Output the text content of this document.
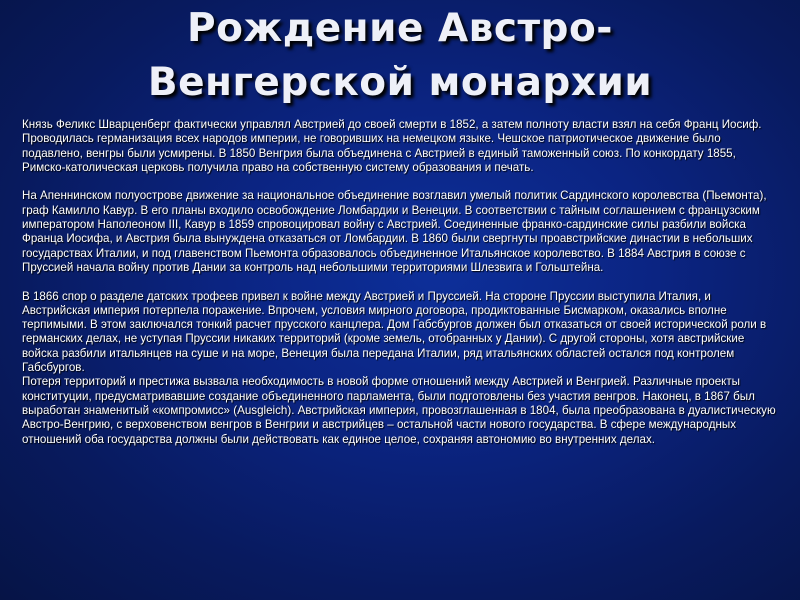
Рождение Австро-
Венгерской монархии

Князь Феликс Шварценберг фактически управлял Австрией до своей смерти в 1852, а затем полноту власти взял на себя Франц Иосиф. Проводилась германизация всех народов империи, не говоривших на немецком языке. Чешское патриотическое движение было подавлено, венгры были усмирены. В 1850 Венгрия была объединена с Австрией в единый таможенный союз. По конкордату 1855, Римско-католическая церковь получила право на собственную систему образования и печать.

На Апеннинском полуострове движение за национальное объединение возглавил умелый политик Сардинского королевства (Пьемонта), граф Камилло Кавур. В его планы входило освобождение Ломбардии и Венеции. В соответствии с тайным соглашением с французским императором Наполеоном III, Кавур в 1859 спровоцировал войну с Австрией. Соединенные франко-сардинские силы разбили войска Франца Иосифа, и Австрия была вынуждена отказаться от Ломбардии. В 1860 были свергнуты проавстрийские династии в небольших государствах Италии, и под главенством Пьемонта образовалось объединенное Итальянское королевство. В 1884 Австрия в союзе с Пруссией начала войну против Дании за контроль над небольшими территориями Шлезвига и Гольштейна.

В 1866 спор о разделе датских трофеев привел к войне между Австрией и Пруссией. На стороне Пруссии выступила Италия, и Австрийская империя потерпела поражение. Впрочем, условия мирного договора, продиктованные Бисмарком, оказались вполне терпимыми. В этом заключался тонкий расчет прусского канцлера. Дом Габсбургов должен был отказаться от своей исторической роли в германских делах, не уступая Пруссии никаких территорий (кроме земель, отобранных у Дании). С другой стороны, хотя австрийские войска разбили итальянцев на суше и на море, Венеция была передана Италии, ряд итальянских областей остался под контролем Габсбургов.

Потеря территорий и престижа вызвала необходимость в новой форме отношений между Австрией и Венгрией. Различные проекты конституции, предусматривавшие создание объединенного парламента, были подготовлены без участия венгров. Наконец, в 1867 был выработан знаменитый «компромисс» (Ausgleich). Австрийская империя, провозглашенная в 1804, была преобразована в дуалистическую Австро-Венгрию, с верховенством венгров в Венгрии и австрийцев – остальной части нового государства. В сфере международных отношений оба государства должны были действовать как единое целое, сохраняя автономию во внутренних делах.
